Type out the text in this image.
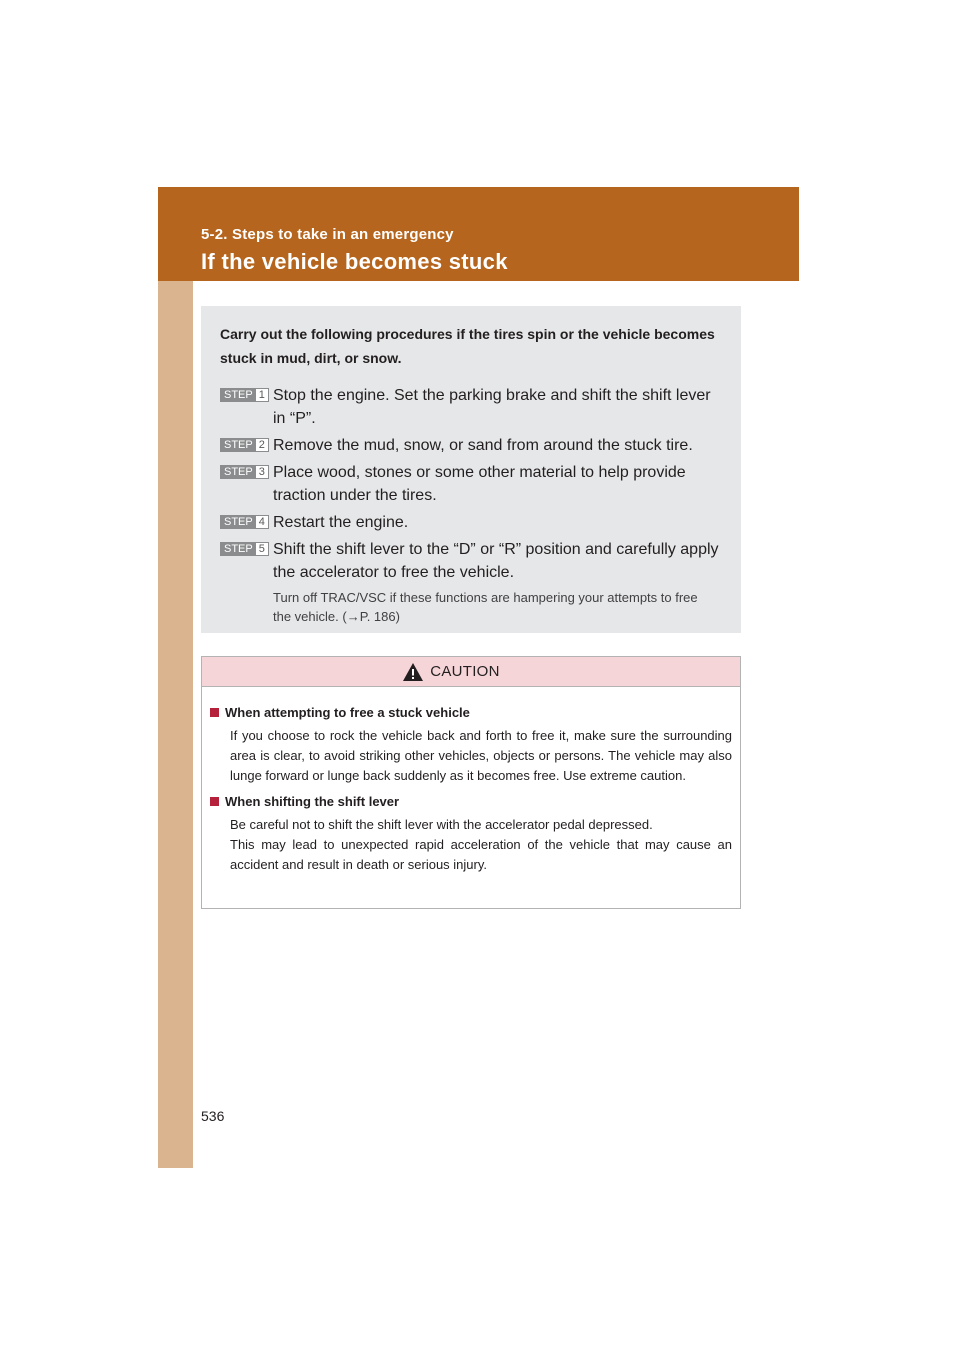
5-2. Steps to take in an emergency
If the vehicle becomes stuck

Carry out the following procedures if the tires spin or the vehicle becomes stuck in mud, dirt, or snow.

STEP 1 Stop the engine. Set the parking brake and shift the shift lever in “P”.
STEP 2 Remove the mud, snow, or sand from around the stuck tire.
STEP 3 Place wood, stones or some other material to help provide traction under the tires.
STEP 4 Restart the engine.
STEP 5 Shift the shift lever to the “D” or “R” position and carefully apply the accelerator to free the vehicle.

Turn off TRAC/VSC if these functions are hampering your attempts to free the vehicle. (→P. 186)

CAUTION
When attempting to free a stuck vehicle

If you choose to rock the vehicle back and forth to free it, make sure the surrounding area is clear, to avoid striking other vehicles, objects or persons. The vehicle may also lunge forward or lunge back suddenly as it becomes free. Use extreme caution.

When shifting the shift lever

Be careful not to shift the shift lever with the accelerator pedal depressed.

This may lead to unexpected rapid acceleration of the vehicle that may cause an accident and result in death or serious injury.

536
